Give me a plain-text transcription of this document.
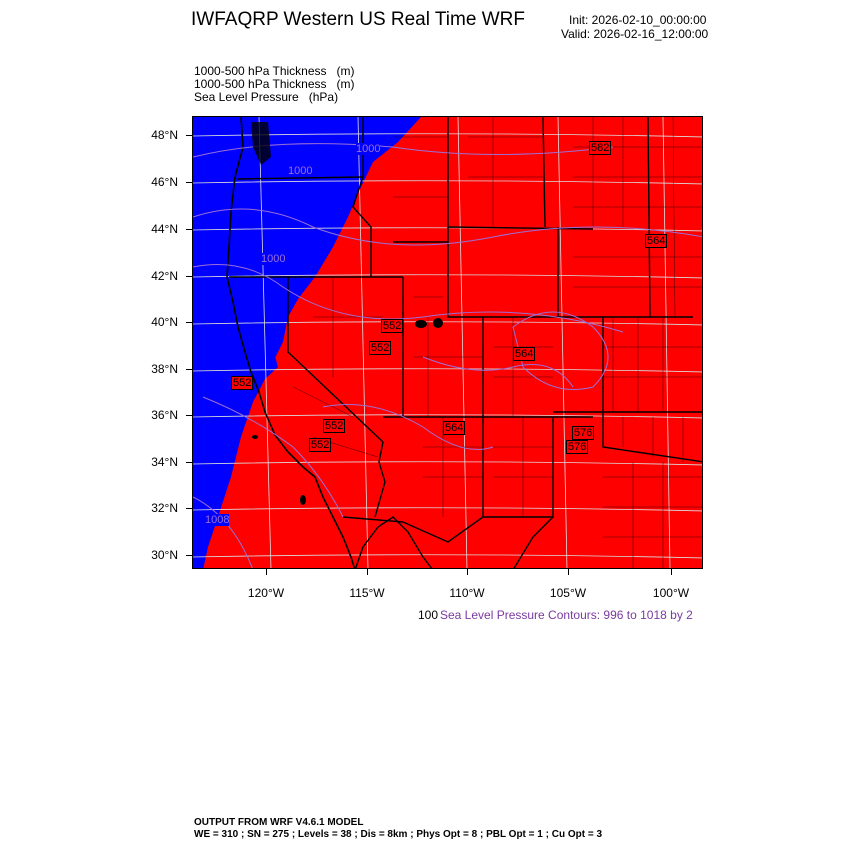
IWFAQRP Western US Real Time WRF	Init: 2026-02-10_00:00:00
Valid: 2026-02-16_12:00:00
1000-500 hPa Thickness   (m)
1000-500 hPa Thickness   (m)
Sea Level Pressure   (hPa)
582
564
552
552	564
564
552
552
576
576
552
1000
1000
1000
1008
48°N
46°N
44°N
42°N
40°N
38°N
36°N
34°N
32°N
30°N
120°W	115°W	110°W	105°W	100°W
100 Sea Level Pressure Contours: 996 to 1018 by 2
OUTPUT FROM WRF V4.6.1 MODEL
WE = 310 ; SN = 275 ; Levels = 38 ; Dis = 8km ; Phys Opt = 8 ; PBL Opt = 1 ; Cu Opt = 3
